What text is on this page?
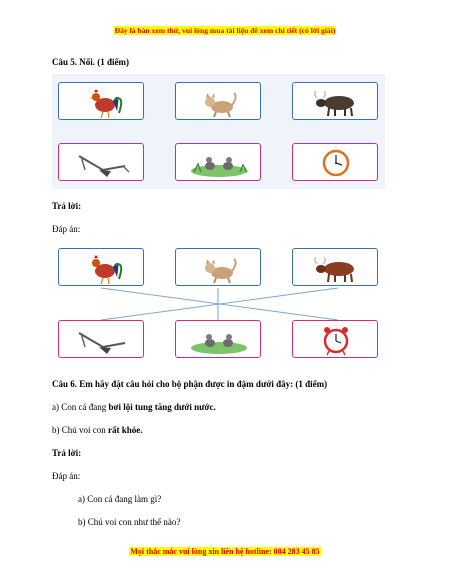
Đây là bản xem thử, vui lòng mua tài liệu để xem chi tiết (có lời giải)
Câu 5. Nối. (1 điểm)
Trả lời:
Đáp án:
Câu 6. Em hãy đặt câu hỏi cho bộ phận được in đậm dưới đây: (1 điểm)
a) Con cá đang bơi lội tung tăng dưới nước.
b) Chú voi con rất khỏe.
Trả lời:
Đáp án:
a) Con cá đang làm gì?
b) Chú voi con như thế nào?
Mọi thắc mắc vui lòng xin liên hệ hotline: 084 283 45 85
